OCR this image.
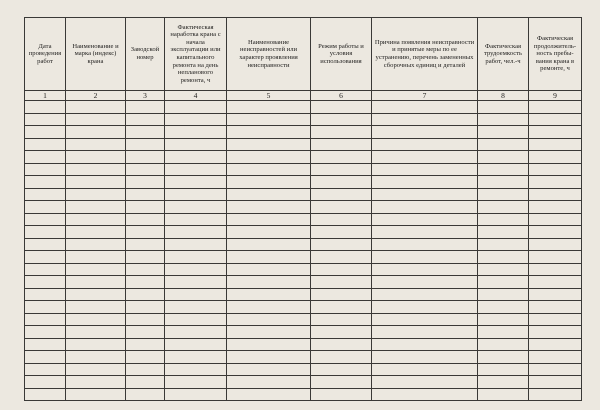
Дата проведения работ	Наименование и марка (индекс) крана	Заводской номер	Фактическая наработка крана с начала эксплуатации или капитального ремонта на день непланового ремонта, ч	Наименование неисправностей или характер проявления неисправности	Режим работы и условия использования	Причина появления неисправности и принятые меры по ее устранению, перечень замененных сборочных единиц и деталей	Фактическая трудоемкость работ, чел.-ч	Фактическая продолжительность пребывания крана в ремонте, ч
1	2	3	4	5	6	7	8	9
